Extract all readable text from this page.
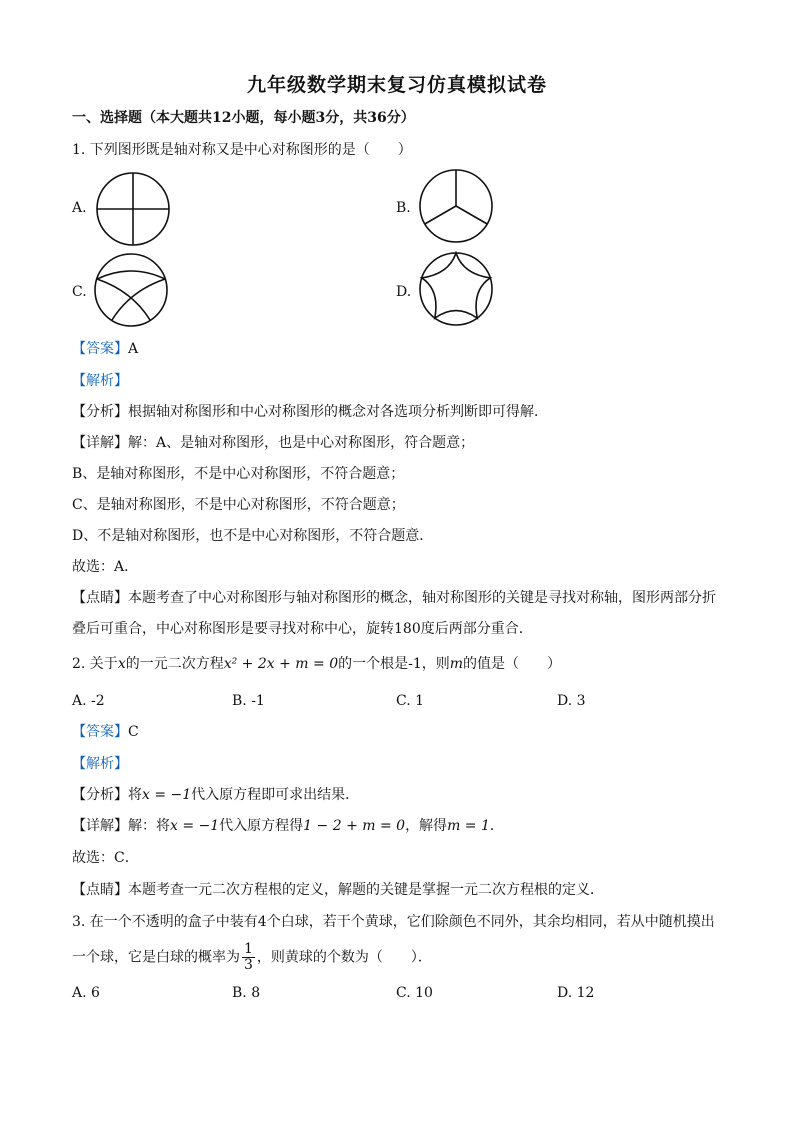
九年级数学期末复习仿真模拟试卷
一、选择题（本大题共12小题，每小题3分，共36分）
1. 下列图形既是轴对称又是中心对称图形的是（　　）
A.	B.
C.	D.
【答案】A
【解析】
【分析】根据轴对称图形和中心对称图形的概念对各选项分析判断即可得解．
【详解】解：A、是轴对称图形，也是中心对称图形，符合题意；
B、是轴对称图形，不是中心对称图形，不符合题意；
C、是轴对称图形，不是中心对称图形，不符合题意；
D、不是轴对称图形，也不是中心对称图形，不符合题意．
故选：A．
【点睛】本题考查了中心对称图形与轴对称图形的概念，轴对称图形的关键是寻找对称轴，图形两部分折
叠后可重合，中心对称图形是要寻找对称中心，旋转180度后两部分重合．
2. 关于x的一元二次方程x² + 2x + m = 0的一个根是-1，则m的值是（　　）
A. -2	B. -1	C. 1	D. 3
【答案】C
【解析】
【分析】将x = −1代入原方程即可求出结果．
【详解】解：将x = −1代入原方程得1 − 2 + m = 0，解得m = 1．
故选：C．
【点睛】本题考查一元二次方程根的定义，解题的关键是掌握一元二次方程根的定义．
3. 在一个不透明的盒子中装有4个白球，若干个黄球，它们除颜色不同外，其余均相同，若从中随机摸出
一个球，它是白球的概率为 $\frac{1}{3}$ ，则黄球的个数为（　　）．
A. 6	B. 8	C. 10	D. 12
